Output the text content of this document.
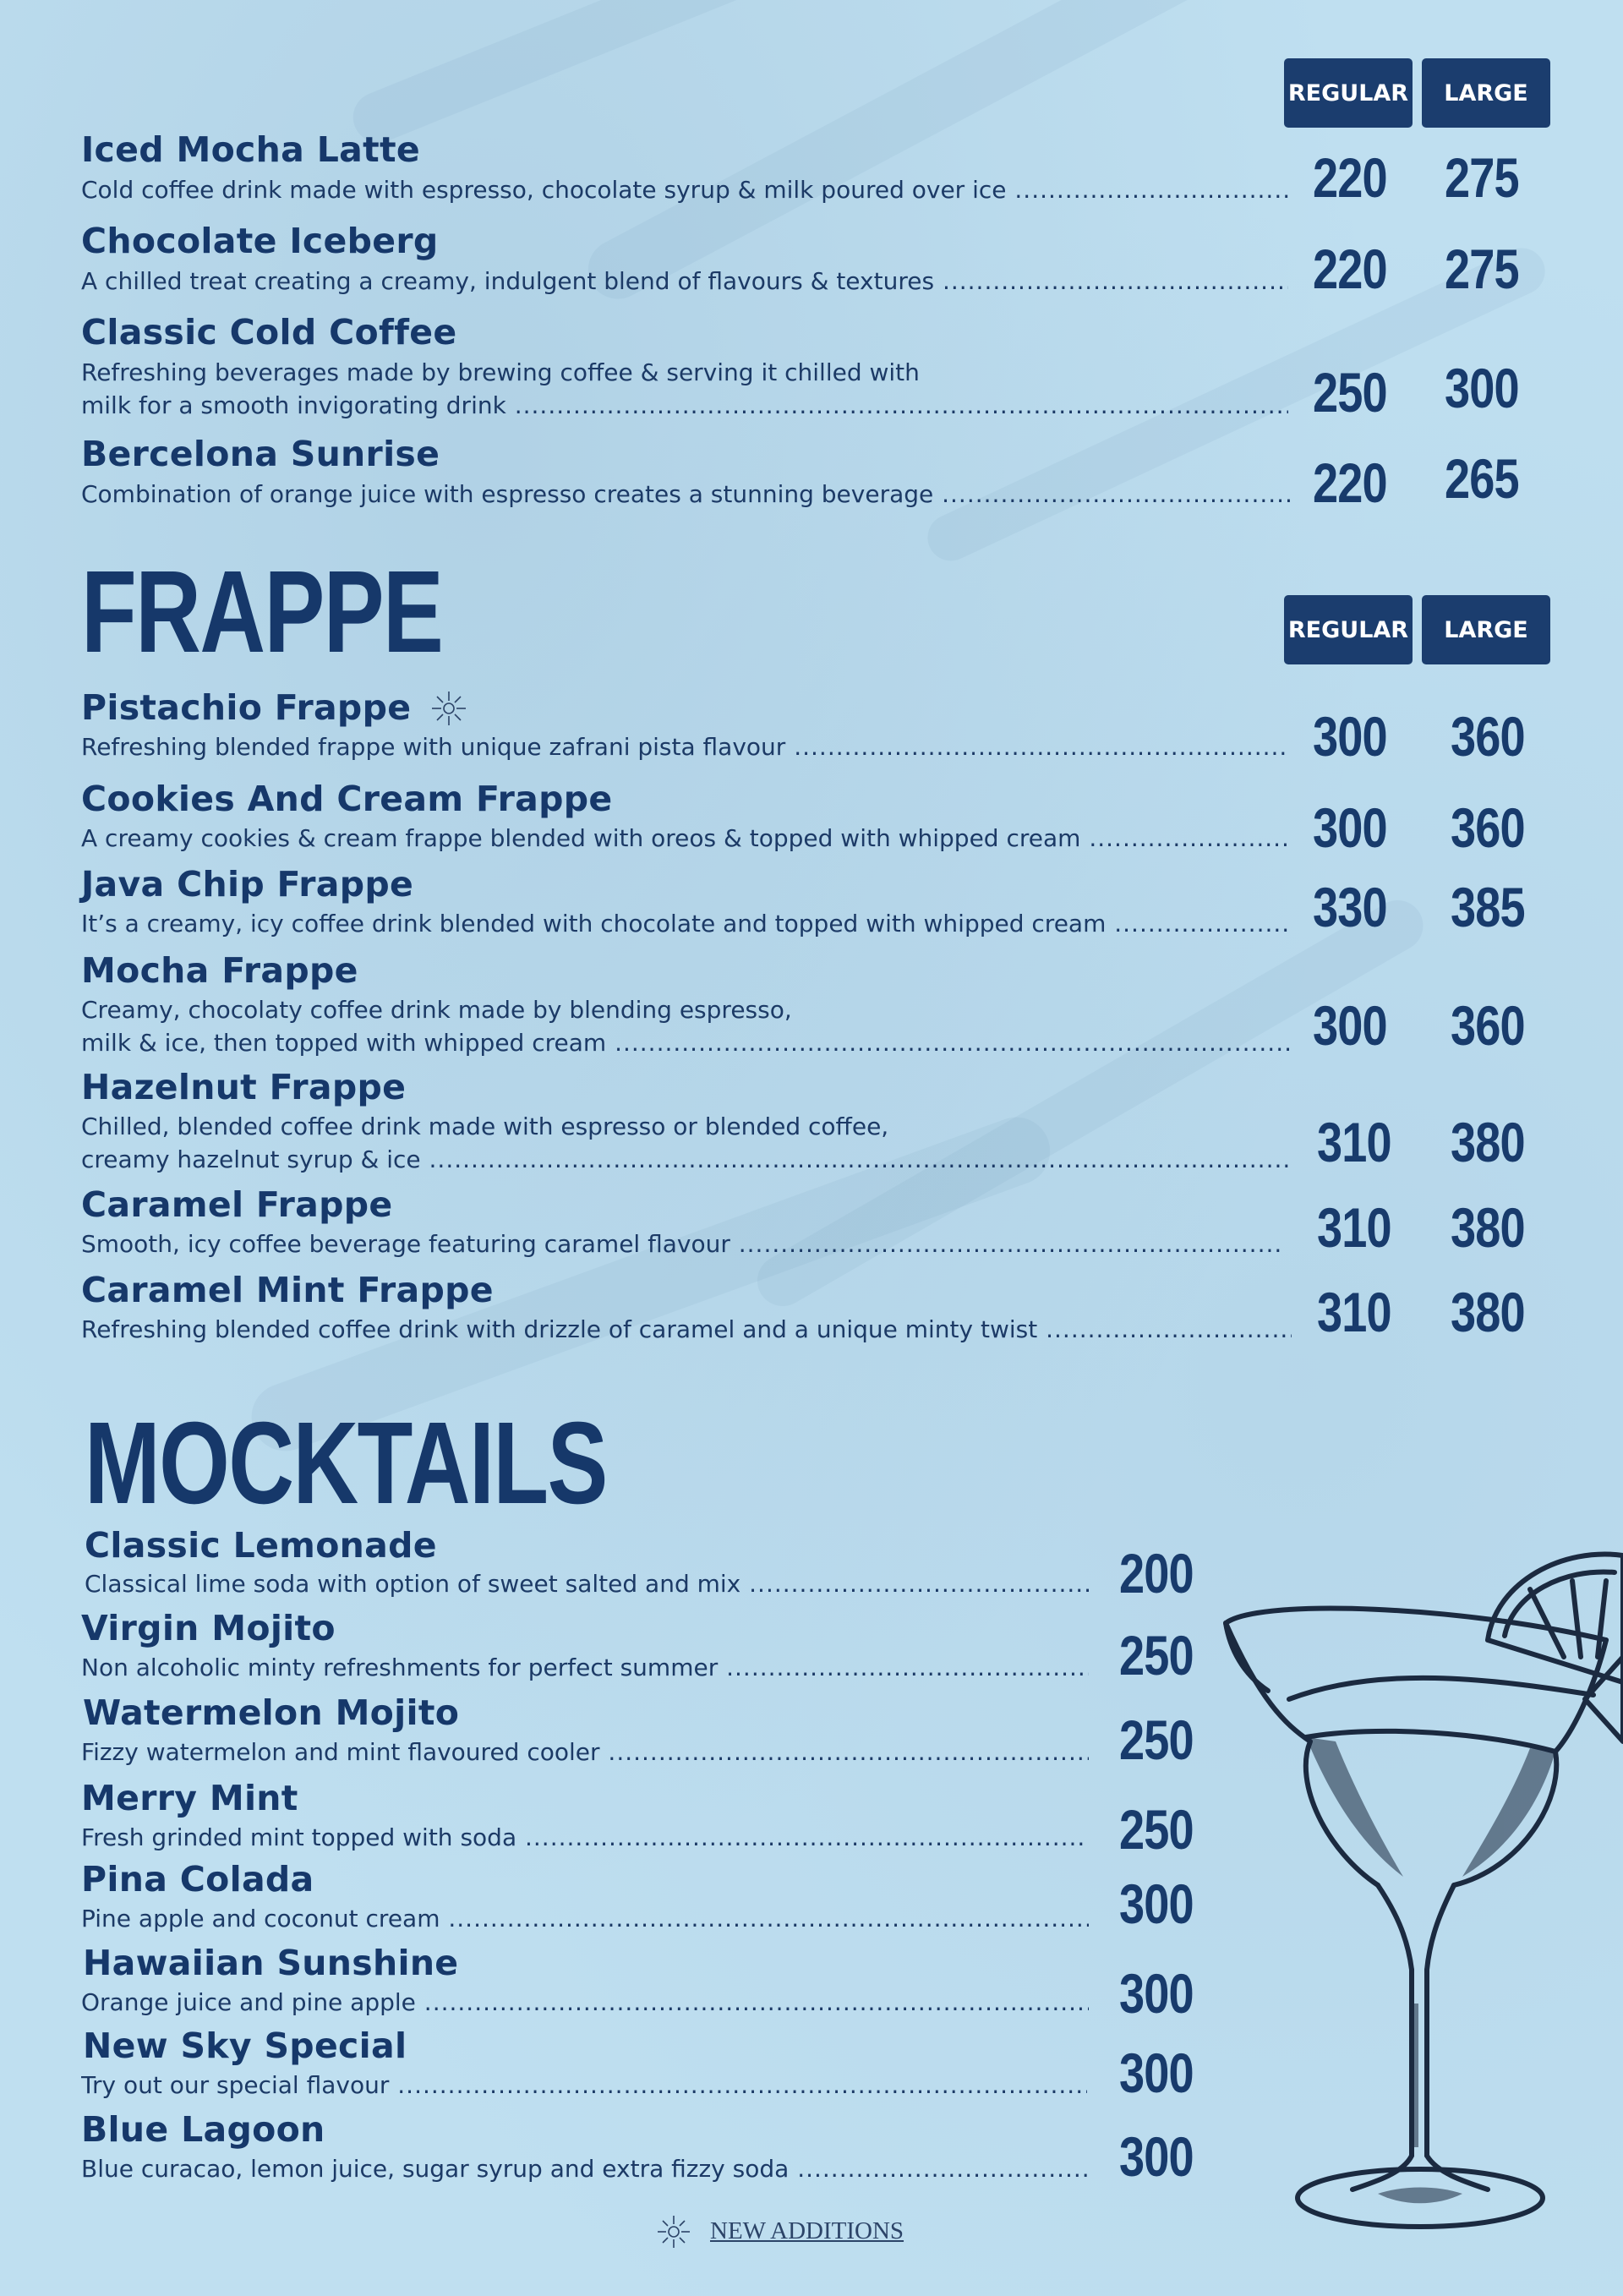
REGULAR	LARGE
Iced Mocha Latte
Cold coffee drink made with espresso, chocolate syrup & milk poured over ice .....	220 275
Chocolate Iceberg
A chilled treat creating a creamy, indulgent blend of flavours & textures .....	220 275
Classic Cold Coffee
Refreshing beverages made by brewing coffee & serving it chilled with
milk for a smooth invigorating drink .....	250 300
Bercelona Sunrise
Combination of orange juice with espresso creates a stunning beverage .....	220 265
FRAPPE	REGULAR	LARGE
Pistachio Frappe
Refreshing blended frappe with unique zafrani pista flavour .....	300 360
Cookies And Cream Frappe
A creamy cookies & cream frappe blended with oreos & topped with whipped cream .....	300 360
Java Chip Frappe
It’s a creamy, icy coffee drink blended with chocolate and topped with whipped cream .....	330 385
Mocha Frappe
Creamy, chocolaty coffee drink made by blending espresso,
milk & ice, then topped with whipped cream .....	300 360
Hazelnut Frappe
Chilled, blended coffee drink made with espresso or blended coffee,
creamy hazelnut syrup & ice .....	310 380
Caramel Frappe
Smooth, icy coffee beverage featuring caramel flavour .....	310 380
Caramel Mint Frappe
Refreshing blended coffee drink with drizzle of caramel and a unique minty twist .....	310 380
MOCKTAILS
Classic Lemonade
Classical lime soda with option of sweet salted and mix .....	200
Virgin Mojito
Non alcoholic minty refreshments for perfect summer .....	250
Watermelon Mojito
Fizzy watermelon and mint flavoured cooler .....	250
Merry Mint
Fresh grinded mint topped with soda .....	250
Pina Colada
Pine apple and coconut cream .....	300
Hawaiian Sunshine
Orange juice and pine apple .....	300
New Sky Special
Try out our special flavour .....	300
Blue Lagoon
Blue curacao, lemon juice, sugar syrup and extra fizzy soda .....	300
NEW ADDITIONS
